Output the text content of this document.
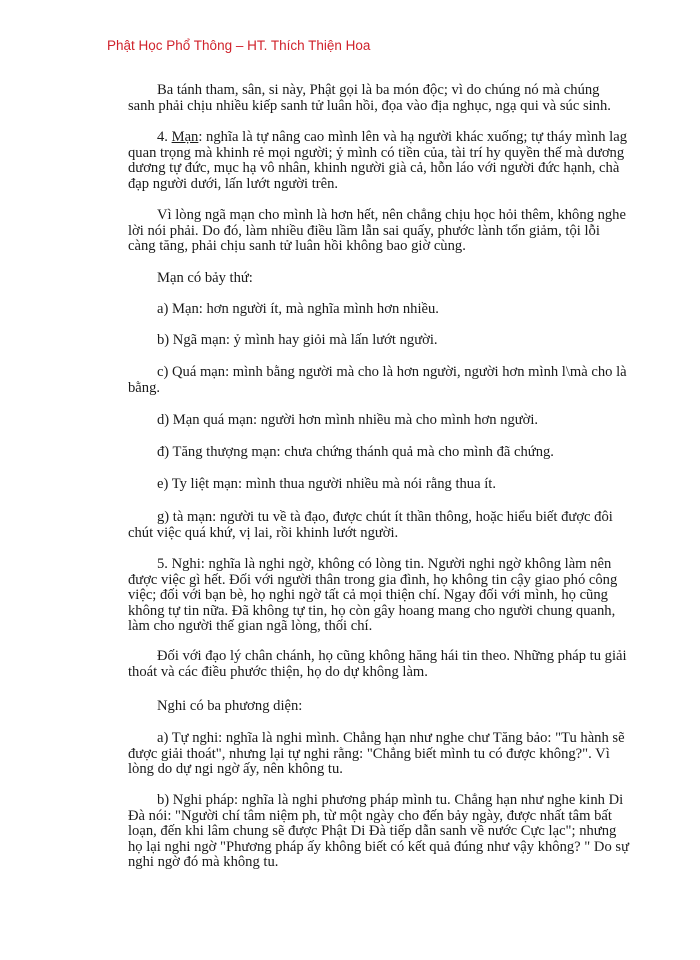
Phật Học Phổ Thông – HT. Thích Thiện Hoa
Ba tánh tham, sân, si này, Phật gọi là ba món độc; vì do chúng nó mà chúng
sanh phải chịu nhiều kiếp sanh tử luân hồi, đọa vào địa nghục, ngạ qui và súc sinh.
4. Mạn: nghĩa là tự nâng cao mình lên và hạ người khác xuống; tự tháy mình lag
quan trọng mà khinh rẻ mọi người; ỷ mình có tiền của, tài trí hy quyền thế mà dương
dương tự đức, mục hạ vô nhân, khinh người già cả, hỗn láo với người đức hạnh, chà
đạp người dưới, lấn lướt người trên.
Vì lòng ngã mạn cho mình là hơn hết, nên chẳng chịu học hỏi thêm, không nghe
lời nói phải. Do đó, làm nhiều điều lầm lẫn sai quấy, phước lành tổn giảm, tội lỗi
càng tăng, phải chịu sanh tử luân hồi không bao giờ cùng.
Mạn có bảy thứ:
a) Mạn: hơn người ít, mà nghĩa mình hơn nhiều.
b) Ngã mạn: ỷ mình hay giỏi mà lấn lướt người.
c) Quá mạn: mình bằng người mà cho là hơn người, người hơn mình l\mà cho là
bằng.
d) Mạn quá mạn: người hơn mình nhiều mà cho mình hơn người.
đ) Tăng thượng mạn: chưa chứng thánh quả mà cho mình đã chứng.
e) Ty liệt mạn: mình thua người nhiều mà nói rằng thua ít.
g) tà mạn: người tu về tà đạo, được chút ít thần thông, hoặc hiểu biết được đôi
chút việc quá khứ, vị lai, rồi khinh lướt người.
5. Nghi: nghĩa là nghi ngờ, không có lòng tin. Người nghi ngờ không làm nên
được việc gì hết. Đối với người thân trong gia đình, họ không tin cậy giao phó công
việc; đối với bạn bè, họ nghi ngờ tất cả mọi thiện chí. Ngay đối với mình, họ cũng
không tự tin nữa. Đã không tự tin, họ còn gây hoang mang cho người chung quanh,
làm cho người thế gian ngã lòng, thối chí.
Đối với đạo lý chân chánh, họ cũng không hăng hái tin theo. Những pháp tu giải
thoát và các điều phước thiện, họ do dự không làm.
Nghi có ba phương diện:
a) Tự nghi: nghĩa là nghi mình. Chẳng hạn như nghe chư Tăng bảo: "Tu hành sẽ
được giải thoát", nhưng lại tự nghi rằng: "Chẳng biết mình tu có được không?". Vì
lòng do dự ngi ngờ ấy, nên không tu.
b) Nghi pháp: nghĩa là nghi phương pháp mình tu. Chẳng hạn như nghe kinh Di
Đà nói: "Người chí tâm niệm ph, từ một ngày cho đến bảy ngày, được nhất tâm bất
loạn, đến khi lâm chung sẽ được Phật Di Đà tiếp dẫn sanh về nước Cực lạc"; nhưng
họ lại nghi ngờ "Phương pháp ấy không biết có kết quả đúng như vậy không? " Do sự
nghi ngờ đó mà không tu.
